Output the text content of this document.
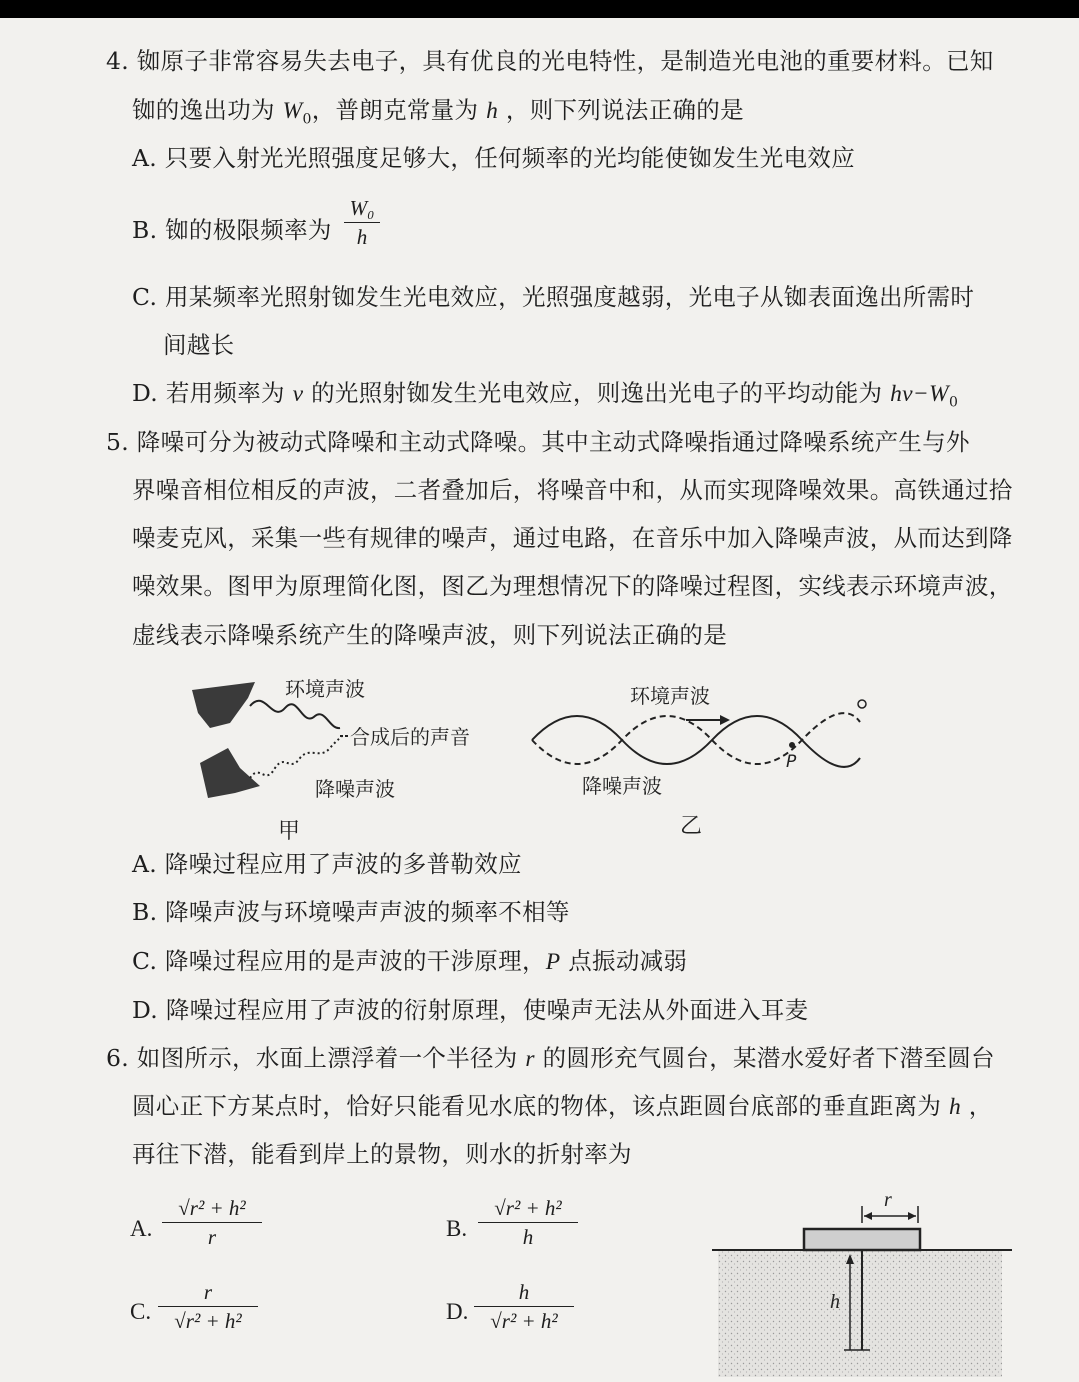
4. 铷原子非常容易失去电子，具有优良的光电特性，是制造光电池的重要材料。已知
铷的逸出功为 $W_0$，普朗克常量为 h ，则下列说法正确的是
A. 只要入射光光照强度足够大，任何频率的光均能使铷发生光电效应
B. 铷的极限频率为
W₀
h
C. 用某频率光照射铷发生光电效应，光照强度越弱，光电子从铷表面逸出所需时
间越长
D. 若用频率为 ν 的光照射铷发生光电效应，则逸出光电子的平均动能为 $h\nu-W_0$
5. 降噪可分为被动式降噪和主动式降噪。其中主动式降噪指通过降噪系统产生与外
界噪音相位相反的声波，二者叠加后，将噪音中和，从而实现降噪效果。高铁通过拾
噪麦克风，采集一些有规律的噪声，通过电路，在音乐中加入降噪声波，从而达到降
噪效果。图甲为原理简化图，图乙为理想情况下的降噪过程图，实线表示环境声波，
虚线表示降噪系统产生的降噪声波，则下列说法正确的是
环境声波
合成后的声音
降噪声波
甲
P
环境声波
降噪声波
乙
A. 降噪过程应用了声波的多普勒效应
B. 降噪声波与环境噪声声波的频率不相等
C. 降噪过程应用的是声波的干涉原理，P 点振动减弱
D. 降噪过程应用了声波的衍射原理，使噪声无法从外面进入耳麦
6. 如图所示，水面上漂浮着一个半径为 r 的圆形充气圆台，某潜水爱好者下潜至圆台
圆心正下方某点时，恰好只能看见水底的物体，该点距圆台底部的垂直距离为 h ，
再往下潜，能看到岸上的景物，则水的折射率为
A.
√r² + h²
r	B.
√r² + h²
h
C.
r
√r² + h²	D.
h
√r² + h²
r
h
